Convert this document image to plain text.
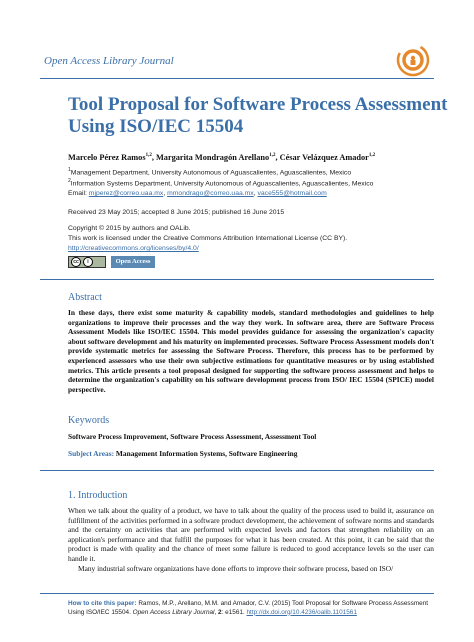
Open Access Library Journal
Tool Proposal for Software Process Assessment Using ISO/IEC 15504
Marcelo Pérez Ramos$^{1,2}$, Margarita Mondragón Arellano$^{1,2}$, César Velázquez Amador$^{1,2}$
$^1$Management Department, University Autonomous of Aguascalientes, Aguascalientes, Mexico
$^2$Information Systems Department, University Autonomous of Aguascalientes, Aguascalientes, Mexico
Email: mjperez@correo.uaa.mx, mmondrago@correo.uaa.mx, vace555@hotmail.com
Received 23 May 2015; accepted 8 June 2015; published 16 June 2015
Copyright © 2015 by authors and OALib.
This work is licensed under the Creative Commons Attribution International License (CC BY).
http://creativecommons.org/licenses/by/4.0/
cc	i	Open Access
Abstract
In these days, there exist some maturity & capability models, standard methodologies and guidelines to help organizations to improve their processes and the way they work. In software area, there are Software Process Assessment Models like ISO/IEC 15504. This model provides guidance for assessing the organization's capacity about software development and his maturity on implemented processes. Software Process Assessment models don't provide systematic metrics for assessing the Software Process. Therefore, this process has to be performed by experienced assessors who use their own subjective estimations for quantitative measures or by using established metrics. This article presents a tool proposal designed for supporting the software process assessment and helps to determine the organization's capability on his software development process from ISO/ IEC 15504 (SPICE) model perspective.
Keywords
Software Process Improvement, Software Process Assessment, Assessment Tool
Subject Areas: Management Information Systems, Software Engineering
1. Introduction

When we talk about the quality of a product, we have to talk about the quality of the process used to build it, assurance on fulfillment of the activities performed in a software product development, the achievement of software norms and standards and the certainty on activities that are performed with expected levels and factors that strengthen reliability on an application's performance and that fulfill the purposes for what it has been created. At this point, it can be said that the product is made with quality and the chance of meet some failure is reduced to good acceptance levels so the user can handle it.

Many industrial software organizations have done efforts to improve their software process, based on ISO/

How to cite this paper: Ramos, M.P., Arellano, M.M. and Amador, C.V. (2015) Tool Proposal for Software Process Assessment Using ISO/IEC 15504. Open Access Library Journal, 2: e1561. http://dx.doi.org/10.4236/oalib.1101561
